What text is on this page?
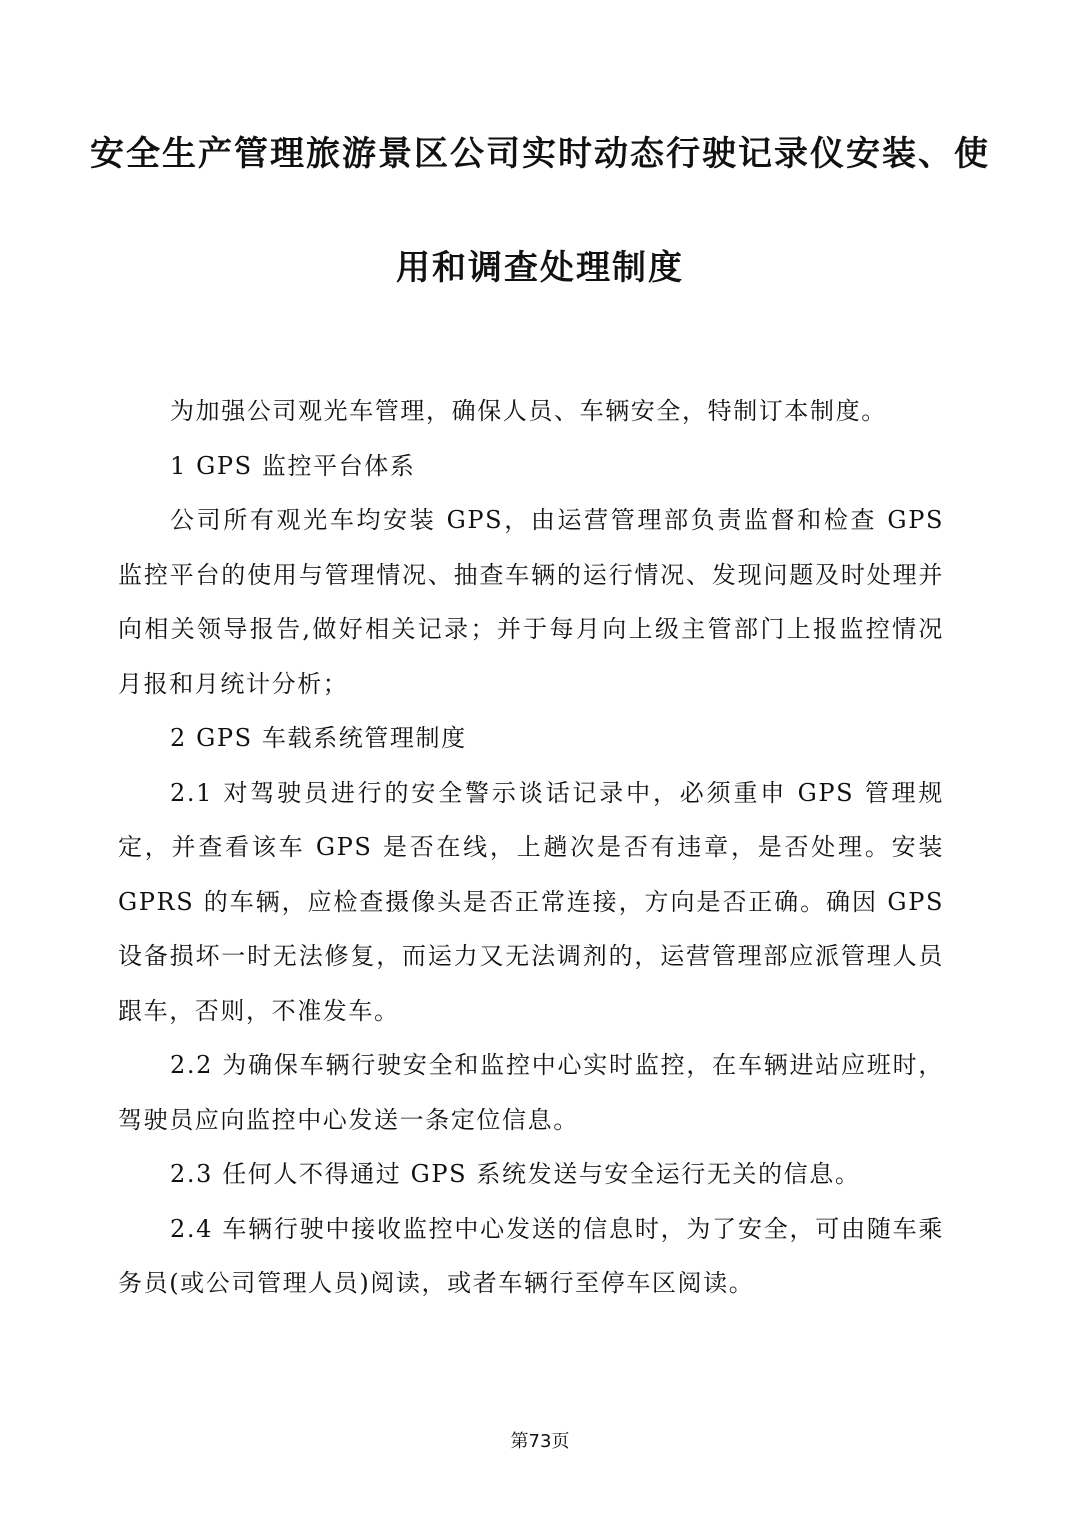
安全生产管理旅游景区公司实时动态行驶记录仪安装、使
用和调查处理制度

为加强公司观光车管理，确保人员、车辆安全，特制订本制度。

1 GPS 监控平台体系

公司所有观光车均安装 GPS，由运营管理部负责监督和检查 GPS 监控平台的使用与管理情况、抽查车辆的运行情况、发现问题及时处理并向相关领导报告,做好相关记录；并于每月向上级主管部门上报监控情况月报和月统计分析；

2 GPS 车载系统管理制度

2.1 对驾驶员进行的安全警示谈话记录中，必须重申 GPS 管理规定，并查看该车 GPS 是否在线，上趟次是否有违章，是否处理。安装 GPRS 的车辆，应检查摄像头是否正常连接，方向是否正确。确因 GPS 设备损坏一时无法修复，而运力又无法调剂的，运营管理部应派管理人员跟车，否则，不准发车。

2.2 为确保车辆行驶安全和监控中心实时监控，在车辆进站应班时，驾驶员应向监控中心发送一条定位信息。

2.3 任何人不得通过 GPS 系统发送与安全运行无关的信息。

2.4 车辆行驶中接收监控中心发送的信息时，为了安全，可由随车乘务员(或公司管理人员)阅读，或者车辆行至停车区阅读。

第73页
